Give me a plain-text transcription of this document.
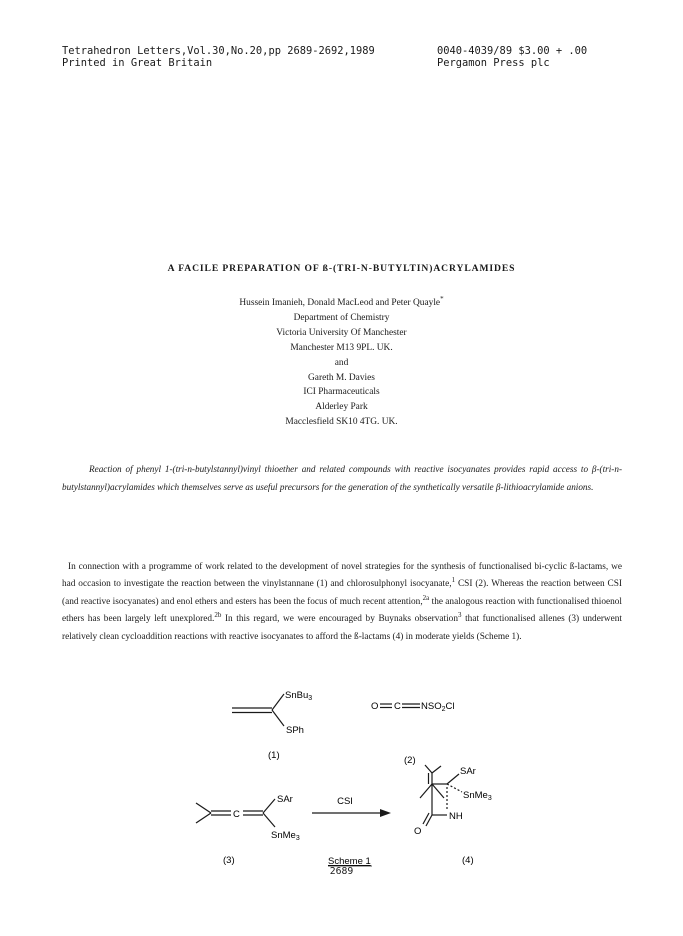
Tetrahedron Letters,Vol.30,No.20,pp 2689-2692,1989
Printed in Great Britain
0040-4039/89 $3.00 + .00
Pergamon Press plc
A FACILE PREPARATION OF ß-(TRI-N-BUTYLTIN)ACRYLAMIDES
Hussein Imanieh, Donald MacLeod and Peter Quayle*
Department of Chemistry
Victoria University Of Manchester
Manchester M13 9PL. UK.
and
Gareth M. Davies
ICI Pharmaceuticals
Alderley Park
Macclesfield SK10 4TG. UK.
Reaction of phenyl 1-(tri-n-butylstannyl)vinyl thioether and related compounds with reactive isocyanates provides rapid access to β-(tri-n-butylstannyl)acrylamides which themselves serve as useful precursors for the generation of the synthetically versatile β-lithioacrylamide anions.
In connection with a programme of work related to the development of novel strategies for the synthesis of functionalised bi-cyclic ß-lactams, we had occasion to investigate the reaction between the vinylstannane (1) and chlorosulphonyl isocyanate,$^1$ CSI (2). Whereas the reaction between CSI (and reactive isocyanates) and enol ethers and esters has been the focus of much recent attention,$^{2a}$ the analogous reaction with functionalised thioenol ethers has been largely left unexplored.$^{2b}$ In this regard, we were encouraged by Buynaks observation$^3$ that functionalised allenes (3) underwent relatively clean cycloaddition reactions with reactive isocyanates to afford the ß-lactams (4) in moderate yields (Scheme 1).
SnBu$_3$
SPh
(1)
O C $NSO_2Cl$
(2)
C
SAr
SnMe$_3$
(3)
CSI
SAr
SnMe$_3$
NH
O
(4)
Scheme 1
2689
